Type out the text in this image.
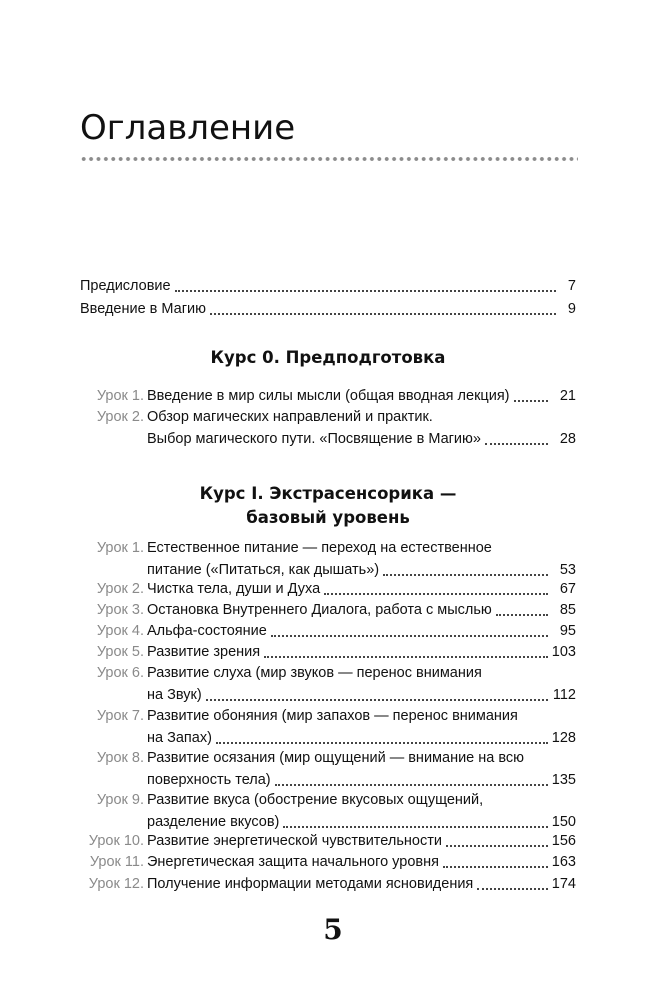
Оглавление
Предисловие	7
Введение в Магию	9
Курс 0. Предподготовка
Урок 1. Введение в мир силы мысли (общая вводная лекция)	21
Урок 2. Обзор магических направлений и практик.
Выбор магического пути. «Посвящение в Магию»	28
Курс I. Экстрасенсорика —
базовый уровень
Урок 1. Естественное питание — переход на естественное
питание («Питаться, как дышать»)	53
Урок 2. Чистка тела, души и Духа	67
Урок 3. Остановка Внутреннего Диалога, работа с мыслью	85
Урок 4. Альфа-состояние	95
Урок 5. Развитие зрения	103
Урок 6. Развитие слуха (мир звуков — перенос внимания
на Звук)	112
Урок 7. Развитие обоняния (мир запахов — перенос внимания
на Запах)	128
Урок 8. Развитие осязания (мир ощущений — внимание на всю
поверхность тела)	135
Урок 9. Развитие вкуса (обострение вкусовых ощущений,
разделение вкусов)	150
Урок 10. Развитие энергетической чувствительности	156
Урок 11. Энергетическая защита начального уровня	163
Урок 12. Получение информации методами ясновидения	174
5
